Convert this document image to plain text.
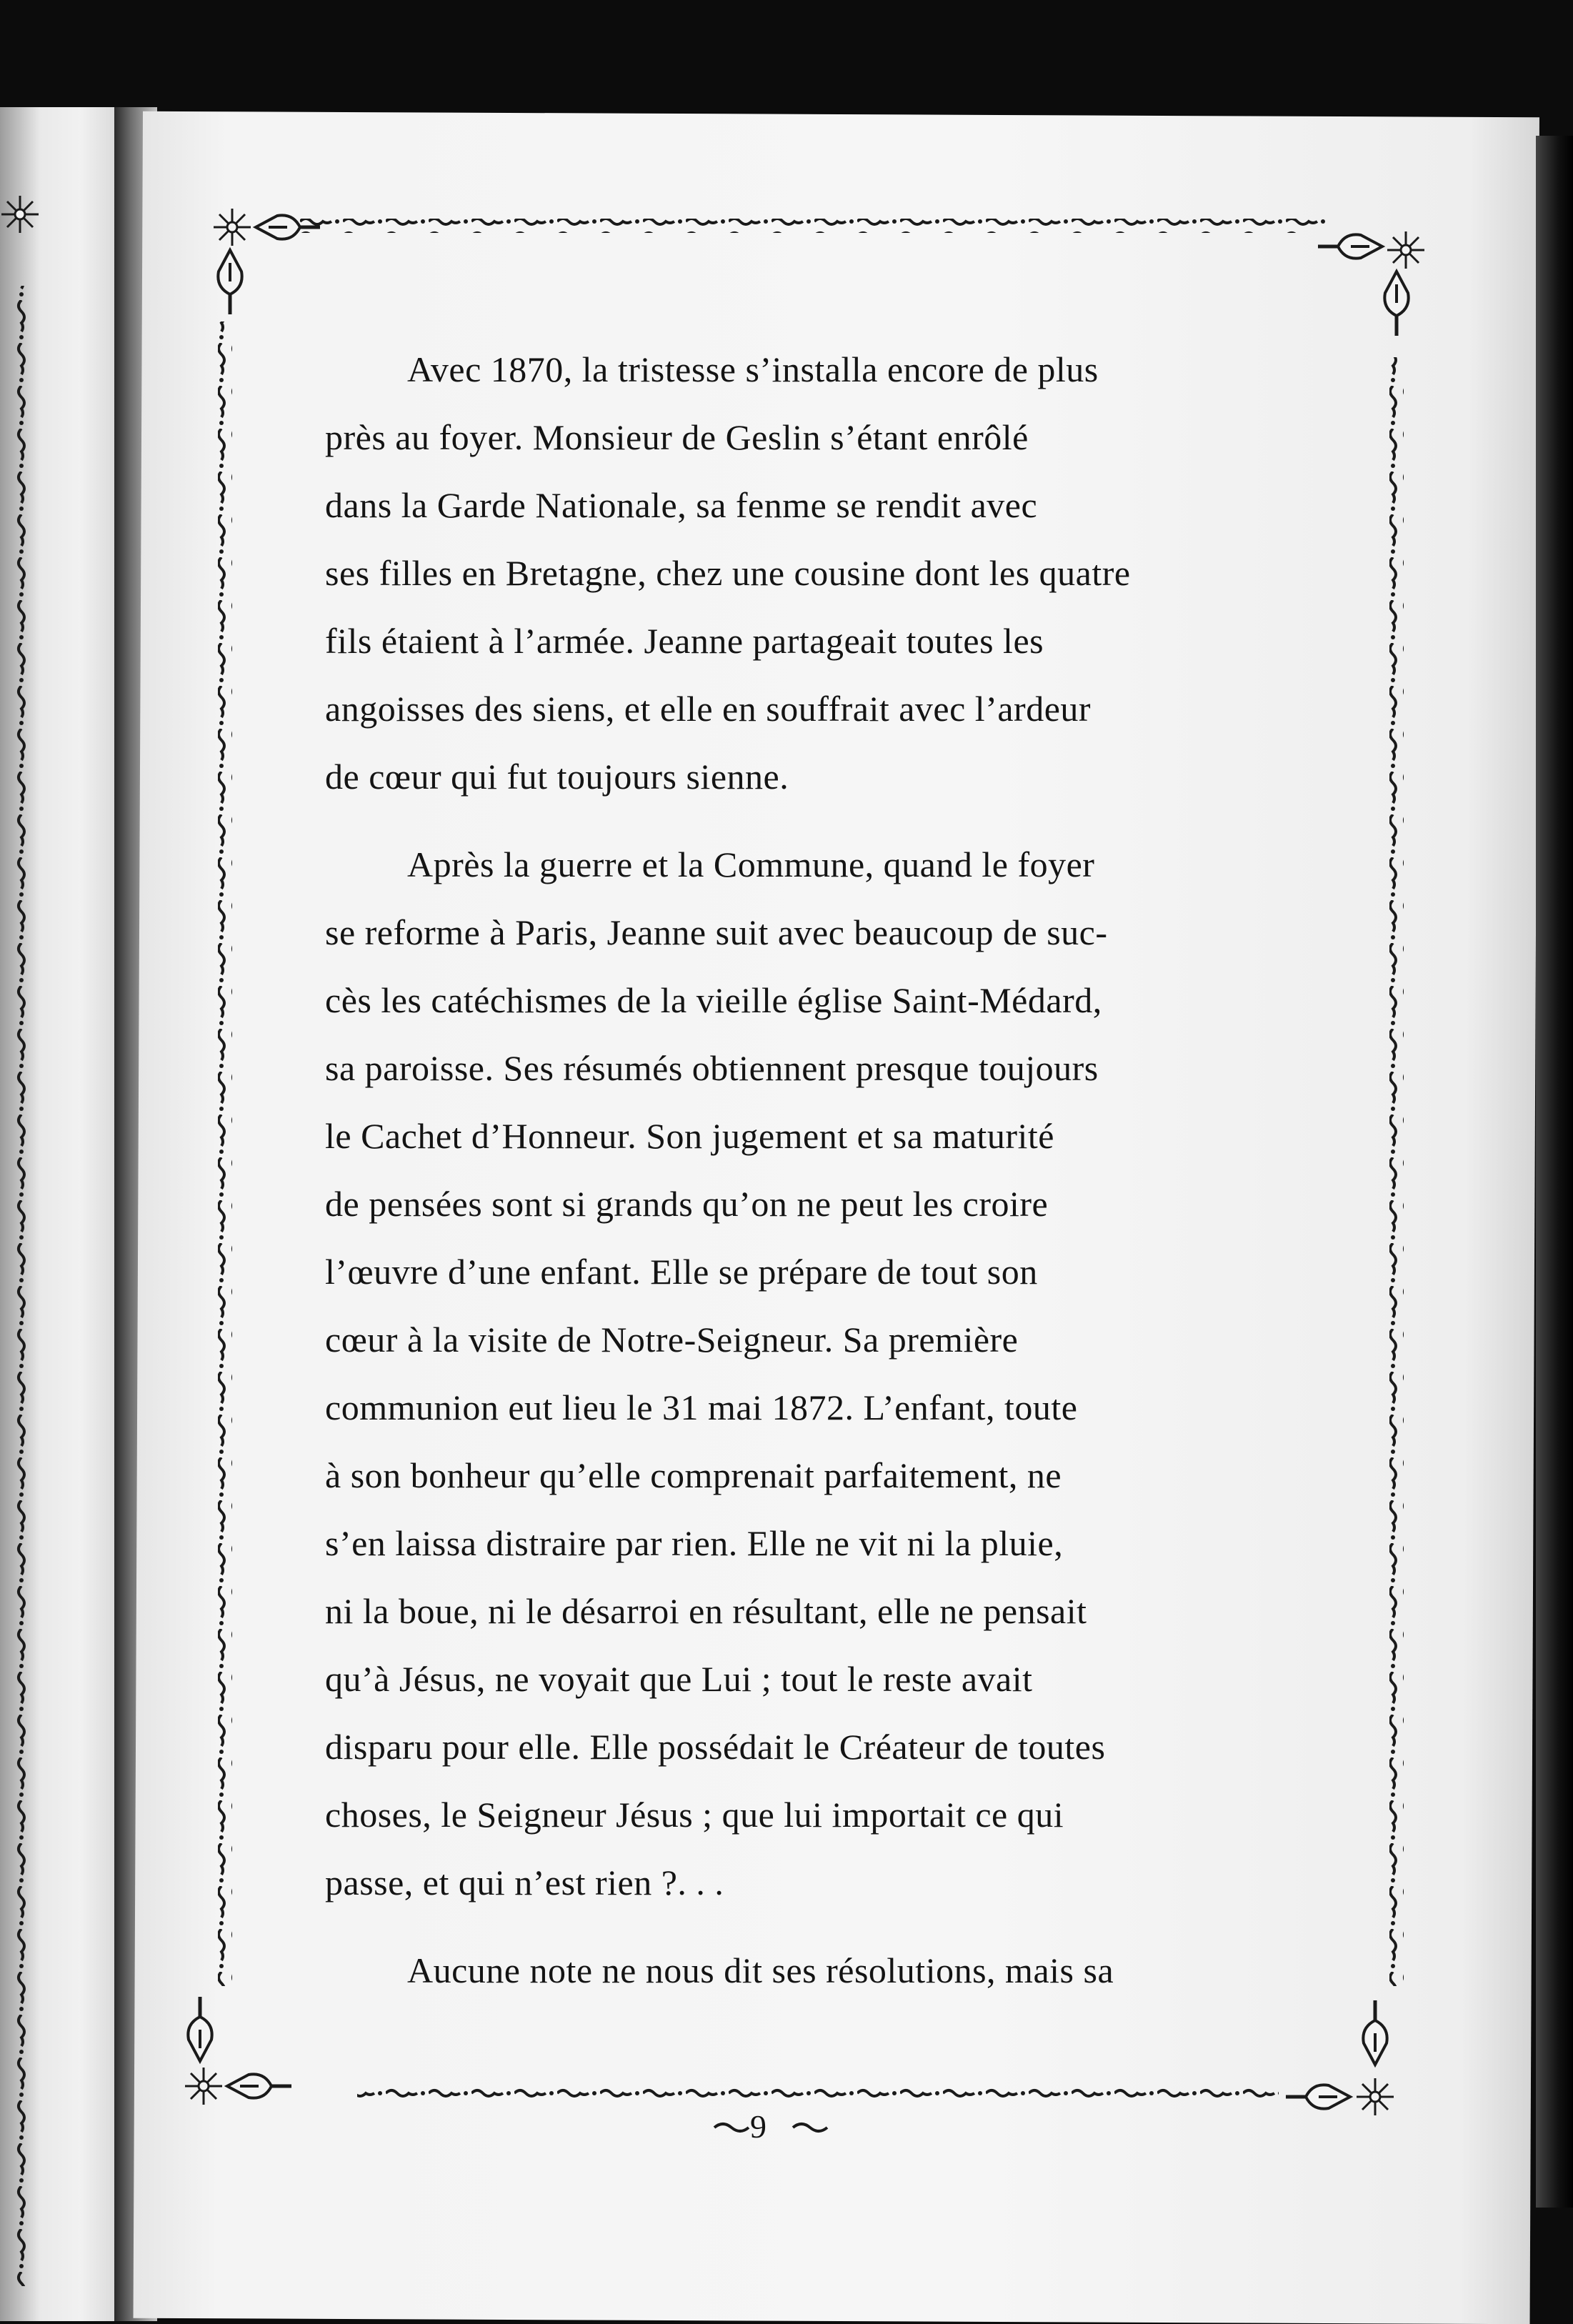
Avec 1870, la tristesse s’installa encore de plus
près au foyer. Monsieur de Geslin s’étant enrôlé
dans la Garde Nationale, sa fenme se rendit avec
ses filles en Bretagne, chez une cousine dont les quatre
fils étaient à l’armée. Jeanne partageait toutes les
angoisses des siens, et elle en souffrait avec l’ardeur
de cœur qui fut toujours sienne.
Après la guerre et la Commune, quand le foyer
se reforme à Paris, Jeanne suit avec beaucoup de suc-
cès les catéchismes de la vieille église Saint-Médard,
sa paroisse. Ses résumés obtiennent presque toujours
le Cachet d’Honneur. Son jugement et sa maturité
de pensées sont si grands qu’on ne peut les croire
l’œuvre d’une enfant. Elle se prépare de tout son
cœur à la visite de Notre-Seigneur. Sa première
communion eut lieu le 31 mai 1872. L’enfant, toute
à son bonheur qu’elle comprenait parfaitement, ne
s’en laissa distraire par rien. Elle ne vit ni la pluie,
ni la boue, ni le désarroi en résultant, elle ne pensait
qu’à Jésus, ne voyait que Lui ; tout le reste avait
disparu pour elle. Elle possédait le Créateur de toutes
choses, le Seigneur Jésus ; que lui importait ce qui
passe, et qui n’est rien ?. . .
Aucune note ne nous dit ses résolutions, mais sa
9
